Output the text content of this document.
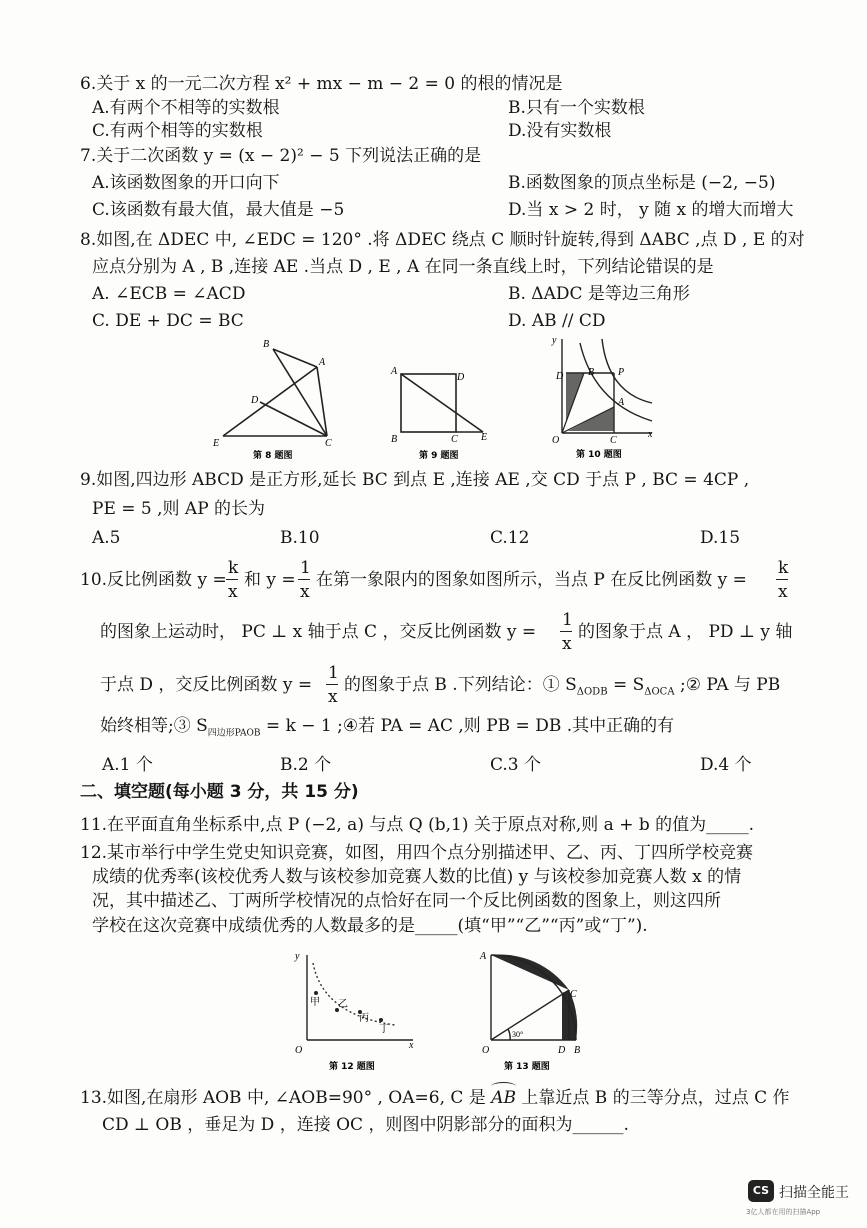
6.关于 x 的一元二次方程 x² + mx − m − 2 = 0 的根的情况是
A.有两个不相等的实数根	B.只有一个实数根
C.有两个相等的实数根	D.没有实数根
7.关于二次函数 y = (x − 2)² − 5 下列说法正确的是
A.该函数图象的开口向下	B.函数图象的顶点坐标是 (−2, −5)
C.该函数有最大值，最大值是 −5	D.当 x > 2 时， y 随 x 的增大而增大
8.如图,在 ΔDEC 中, ∠EDC = 120° .将 ΔDEC 绕点 C 顺时针旋转,得到 ΔABC ,点 D , E 的对
应点分别为 A , B ,连接 AE .当点 D , E , A 在同一条直线上时，下列结论错误的是
A. ∠ECB = ∠ACD	B. ΔADC 是等边三角形
C. DE + DC = BC	D. AB // CD
B
A
D
E	C
第 8 题图
A
D
B	C E
第 9 题图
y
x
O
D B P
A
C
第 10 题图
9.如图,四边形 ABCD 是正方形,延长 BC 到点 E ,连接 AE ,交 CD 于点 P , BC = 4CP ,
PE = 5 ,则 AP 的长为
A.5	B.10	C.12	D.15
10.反比例函数 y =
k
x
和 y =
1
x
在第一象限内的图象如图所示，当点 P 在反比例函数 y =
k
x
的图象上运动时， PC ⊥ x 轴于点 C ，交反比例函数 y =
1
x
的图象于点 A ， PD ⊥ y 轴
于点 D ，交反比例函数 y =
1
x
的图象于点 B .下列结论：① $S_{\Delta ODB} = S_{\Delta OCA}$ ;② PA 与 PB
始终相等;③ $S_{四边形PAOB} = k - 1$ ;④若 PA = AC ,则 PB = DB .其中正确的有
A.1 个	B.2 个	C.3 个	D.4 个
二、填空题(每小题 3 分，共 15 分)
11.在平面直角坐标系中,点 P (−2, a) 与点 Q (b,1) 关于原点对称,则 a + b 的值为_____.
12.某市举行中学生党史知识竞赛，如图，用四个点分别描述甲、乙、丙、丁四所学校竞赛
成绩的优秀率(该校优秀人数与该校参加竞赛人数的比值) y 与该校参加竞赛人数 x 的情
况，其中描述乙、丁两所学校情况的点恰好在同一个反比例函数的图象上，则这四所
学校在这次竞赛中成绩优秀的人数最多的是_____(填“甲”“乙”“丙”或“丁”).
y
x
O
甲 乙
丙
丁
第 12 题图
A
C
O	D B
30°
第 13 题图
13.如图,在扇形 AOB 中, ∠AOB=90° , OA=6, C 是 AB 上靠近点 B 的三等分点，过点 C 作
CD ⊥ OB ，垂足为 D ，连接 OC ，则图中阴影部分的面积为______.
CS 扫描全能王
3亿人都在用的扫描App
